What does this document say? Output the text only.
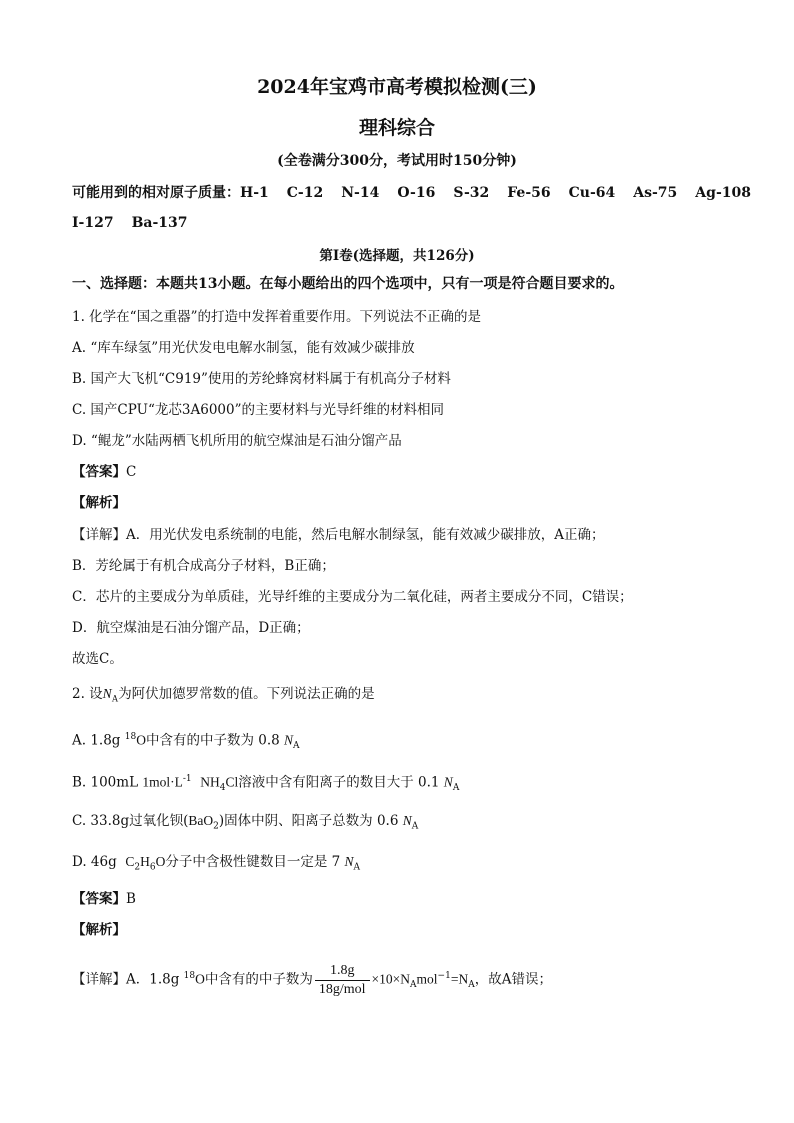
2024年宝鸡市高考模拟检测(三)
理科综合
(全卷满分300分，考试用时150分钟)
可能用到的相对原子质量：H-1 C-12 N-14 O-16 S-32 Fe-56 Cu-64 As-75 Ag-108
I-127 Ba-137
第Ⅰ卷(选择题，共126分)
一、选择题：本题共13小题。在每小题给出的四个选项中，只有一项是符合题目要求的。
1. 化学在“国之重器”的打造中发挥着重要作用。下列说法不正确的是
A. “库车绿氢”用光伏发电电解水制氢，能有效减少碳排放
B. 国产大飞机“C919”使用的芳纶蜂窝材料属于有机高分子材料
C. 国产CPU“龙芯3A6000”的主要材料与光导纤维的材料相同
D. “鲲龙”水陆两栖飞机所用的航空煤油是石油分馏产品
【答案】C
【解析】
【详解】A．用光伏发电系统制的电能，然后电解水制绿氢，能有效减少碳排放，A正确；
B．芳纶属于有机合成高分子材料，B正确；
C．芯片的主要成分为单质硅，光导纤维的主要成分为二氧化硅，两者主要成分不同，C错误；
D．航空煤油是石油分馏产品，D正确；
故选C。
2. 设$N_A$为阿伏加德罗常数的值。下列说法正确的是
A. 1.8g $^{18}$O中含有的中子数为 0.8 $N_A$
B. 100mL $1mol\cdot L^{-1}$ $NH_4Cl$溶液中含有阳离子的数目大于 0.1 $N_A$
C. 33.8g过氧化钡(BaO$_2$)固体中阴、阳离子总数为 0.6 $N_A$
D. 46g $C_2H_6O$分子中含极性键数目一定是 7 $N_A$
【答案】B
【解析】
【详解】A．1.8g $^{18}$O中含有的中子数为 $\frac{1.8g}{\text{18g/mol}} \times 10\times N_Amol^{-1}=N_A$，故A错误；
